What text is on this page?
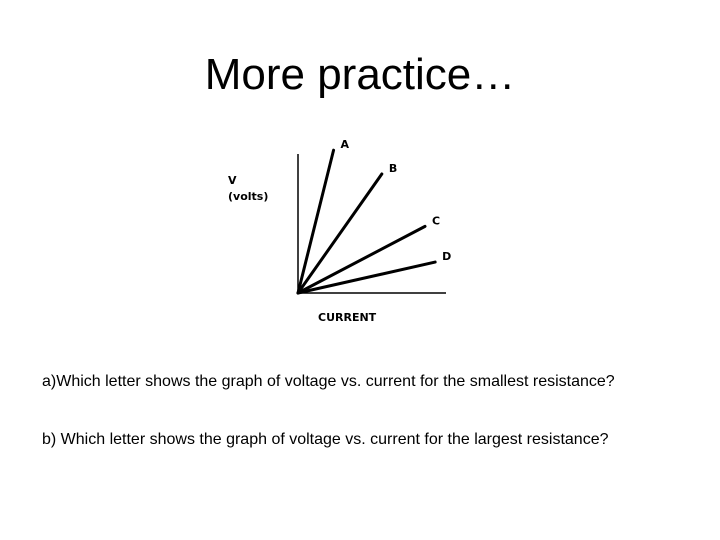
More practice…
V
(volts)
CURRENT
A
B
C
D

a)Which letter shows the graph of voltage vs. current for the smallest resistance?

b) Which letter shows the graph of voltage vs. current for the largest resistance?
